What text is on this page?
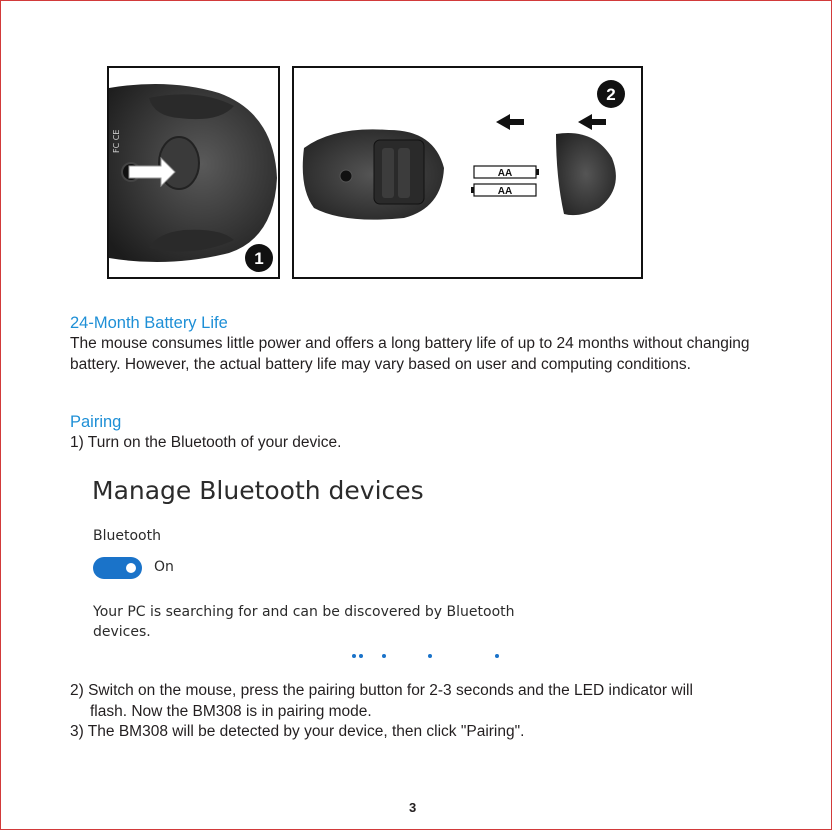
FC CE
1
AA
AA
2
24-Month Battery Life

The mouse consumes little power and offers a long battery life of up to 24 months without changing battery. However, the actual battery life may vary based on user and computing conditions.

Pairing

1) Turn on the Bluetooth of your device.

Manage Bluetooth devices
Bluetooth
On
Your PC is searching for and can be discovered by Bluetooth devices.

2) Switch on the mouse, press the pairing button for 2-3 seconds and the LED indicator will
flash. Now the BM308 is in pairing mode.

3) The BM308 will be detected by your device, then click "Pairing".

3
